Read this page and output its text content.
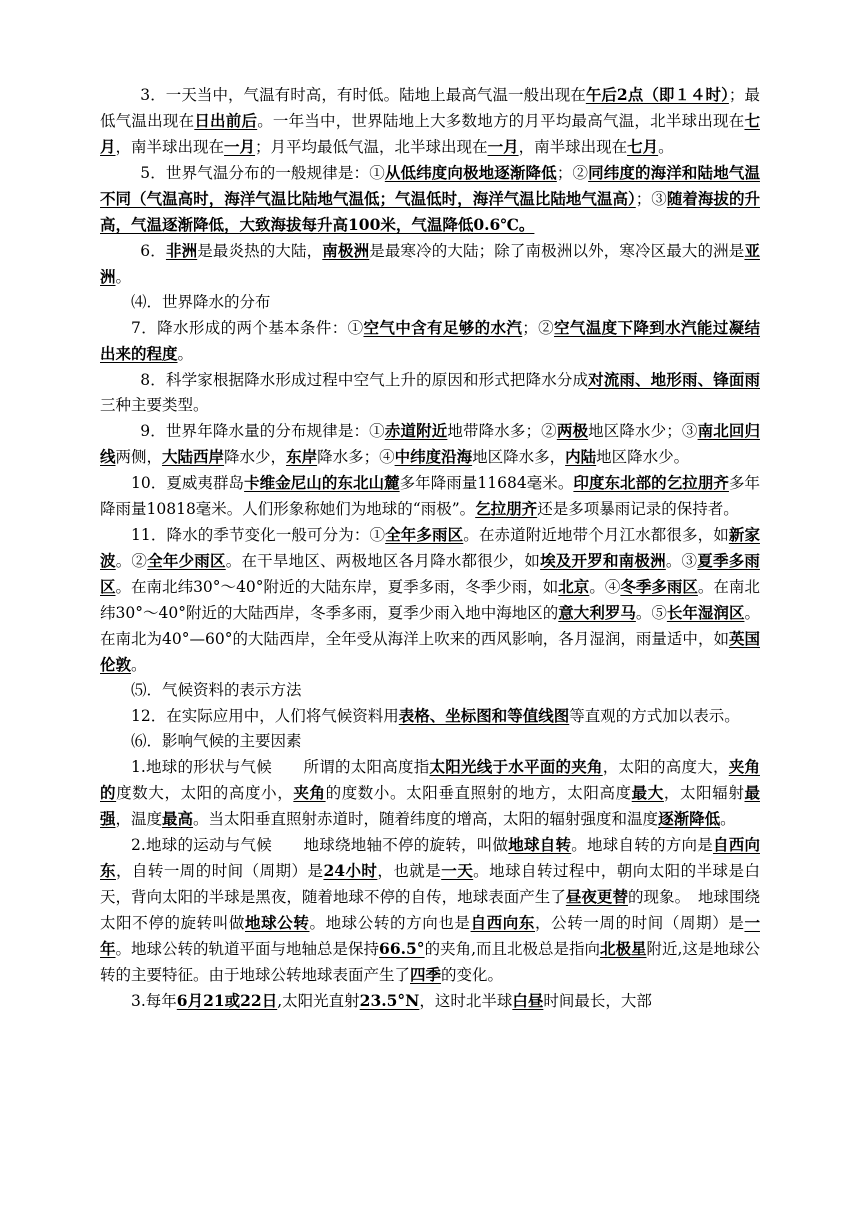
3．一天当中，气温有时高，有时低。陆地上最高气温一般出现在午后2点（即１４时）；最低气温出现在日出前后。一年当中，世界陆地上大多数地方的月平均最高气温，北半球出现在七月，南半球出现在一月；月平均最低气温，北半球出现在一月，南半球出现在七月。

5．世界气温分布的一般规律是：①从低纬度向极地逐渐降低；②同纬度的海洋和陆地气温不同（气温高时，海洋气温比陆地气温低；气温低时，海洋气温比陆地气温高）；③随着海拔的升高，气温逐渐降低，大致海拔每升高100米，气温降低0.6℃。

6．非洲是最炎热的大陆，南极洲是最寒冷的大陆；除了南极洲以外，寒冷区最大的洲是亚洲。

⑷．世界降水的分布

7．降水形成的两个基本条件：①空气中含有足够的水汽；②空气温度下降到水汽能过凝结出来的程度。

8．科学家根据降水形成过程中空气上升的原因和形式把降水分成对流雨、地形雨、锋面雨三种主要类型。

9．世界年降水量的分布规律是：①赤道附近地带降水多；②两极地区降水少；③南北回归线两侧，大陆西岸降水少，东岸降水多；④中纬度沿海地区降水多，内陆地区降水少。

10．夏威夷群岛卡维金尼山的东北山麓多年降雨量11684毫米。印度东北部的乞拉朋齐多年降雨量10818毫米。人们形象称她们为地球的“雨极”。乞拉朋齐还是多项暴雨记录的保持者。

11．降水的季节变化一般可分为：①全年多雨区。在赤道附近地带个月江水都很多，如新家波。②全年少雨区。在干旱地区、两极地区各月降水都很少，如埃及开罗和南极洲。③夏季多雨区。在南北纬30°～40°附近的大陆东岸，夏季多雨，冬季少雨，如北京。④冬季多雨区。在南北纬30°～40°附近的大陆西岸，冬季多雨，夏季少雨入地中海地区的意大利罗马。⑤长年湿润区。在南北为40°—60°的大陆西岸，全年受从海洋上吹来的西风影响，各月湿润，雨量适中，如英国伦敦。

⑸．气候资料的表示方法

12．在实际应用中，人们将气候资料用表格、坐标图和等值线图等直观的方式加以表示。

⑹．影响气候的主要因素

1.地球的形状与气候　　所谓的太阳高度指太阳光线于水平面的夹角，太阳的高度大，夹角的度数大，太阳的高度小，夹角的度数小。太阳垂直照射的地方，太阳高度最大，太阳辐射最强，温度最高。当太阳垂直照射赤道时，随着纬度的增高，太阳的辐射强度和温度逐渐降低。

2.地球的运动与气候　　地球绕地轴不停的旋转，叫做地球自转。地球自转的方向是自西向东，自转一周的时间（周期）是24小时，也就是一天。地球自转过程中，朝向太阳的半球是白天，背向太阳的半球是黑夜，随着地球不停的自传，地球表面产生了昼夜更替的现象。　地球围绕太阳不停的旋转叫做地球公转。地球公转的方向也是自西向东，公转一周的时间（周期）是一年。地球公转的轨道平面与地轴总是保持66.5°的夹角,而且北极总是指向北极星附近,这是地球公转的主要特征。由于地球公转地球表面产生了四季的变化。

3.每年6月21或22日,太阳光直射23.5°N，这时北半球白昼时间最长，大部
